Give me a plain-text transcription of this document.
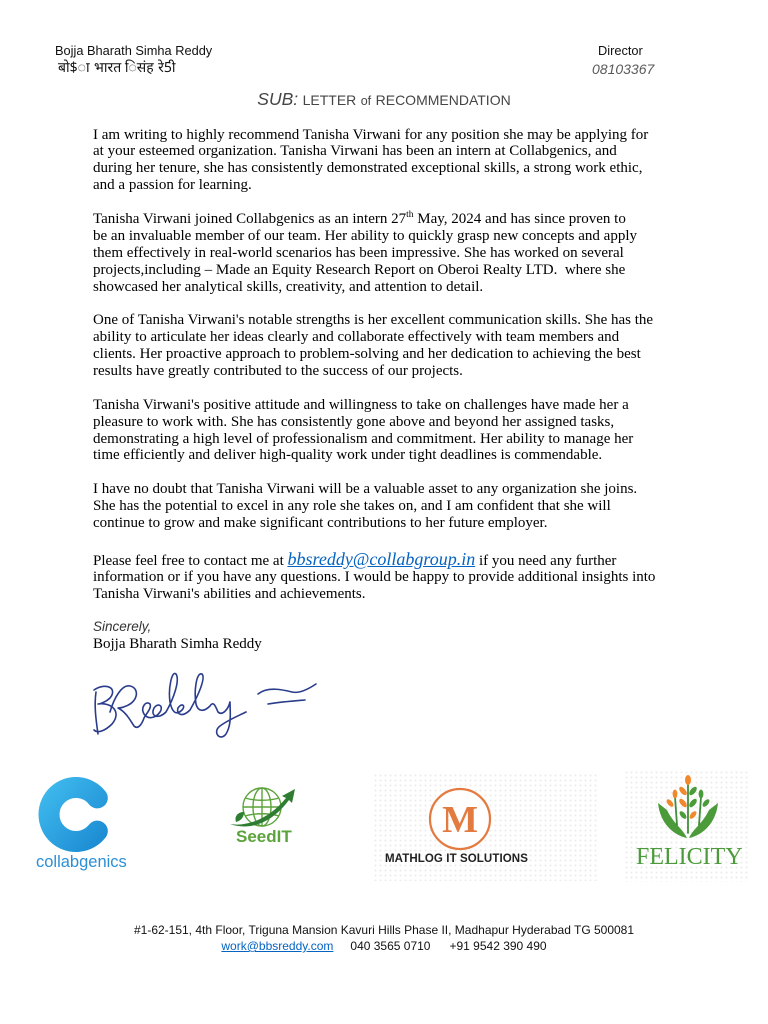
Bojja Bharath Simha Reddy
बो$ा भारत िसंह रे5ी
Director
08103367
SUB: LETTER of RECOMMENDATION
I am writing to highly recommend Tanisha Virwani for any position she may be applying for
at your esteemed organization. Tanisha Virwani has been an intern at Collabgenics, and
during her tenure, she has consistently demonstrated exceptional skills, a strong work ethic,
and a passion for learning.
Tanisha Virwani joined Collabgenics as an intern 27th May, 2024 and has since proven to
be an invaluable member of our team. Her ability to quickly grasp new concepts and apply
them effectively in real-world scenarios has been impressive. She has worked on several
projects,including – Made an Equity Research Report on Oberoi Realty LTD.  where she
showcased her analytical skills, creativity, and attention to detail.
One of Tanisha Virwani's notable strengths is her excellent communication skills. She has the
ability to articulate her ideas clearly and collaborate effectively with team members and
clients. Her proactive approach to problem-solving and her dedication to achieving the best
results have greatly contributed to the success of our projects.
Tanisha Virwani's positive attitude and willingness to take on challenges have made her a
pleasure to work with. She has consistently gone above and beyond her assigned tasks,
demonstrating a high level of professionalism and commitment. Her ability to manage her
time efficiently and deliver high-quality work under tight deadlines is commendable.
I have no doubt that Tanisha Virwani will be a valuable asset to any organization she joins.
She has the potential to excel in any role she takes on, and I am confident that she will
continue to grow and make significant contributions to her future employer.
Please feel free to contact me at bbsreddy@collabgroup.in if you need any further
information or if you have any questions. I would be happy to provide additional insights into
Tanisha Virwani's abilities and achievements.
Sincerely,
Bojja Bharath Simha Reddy
collabgenics
SeedIT	M
MATHLOG IT SOLUTIONS	FELICITY
#1-62-151, 4th Floor, Triguna Mansion Kavuri Hills Phase II, Madhapur Hyderabad TG 500081
work@bbsreddy.com 040 3565 0710 +91 9542 390 490
